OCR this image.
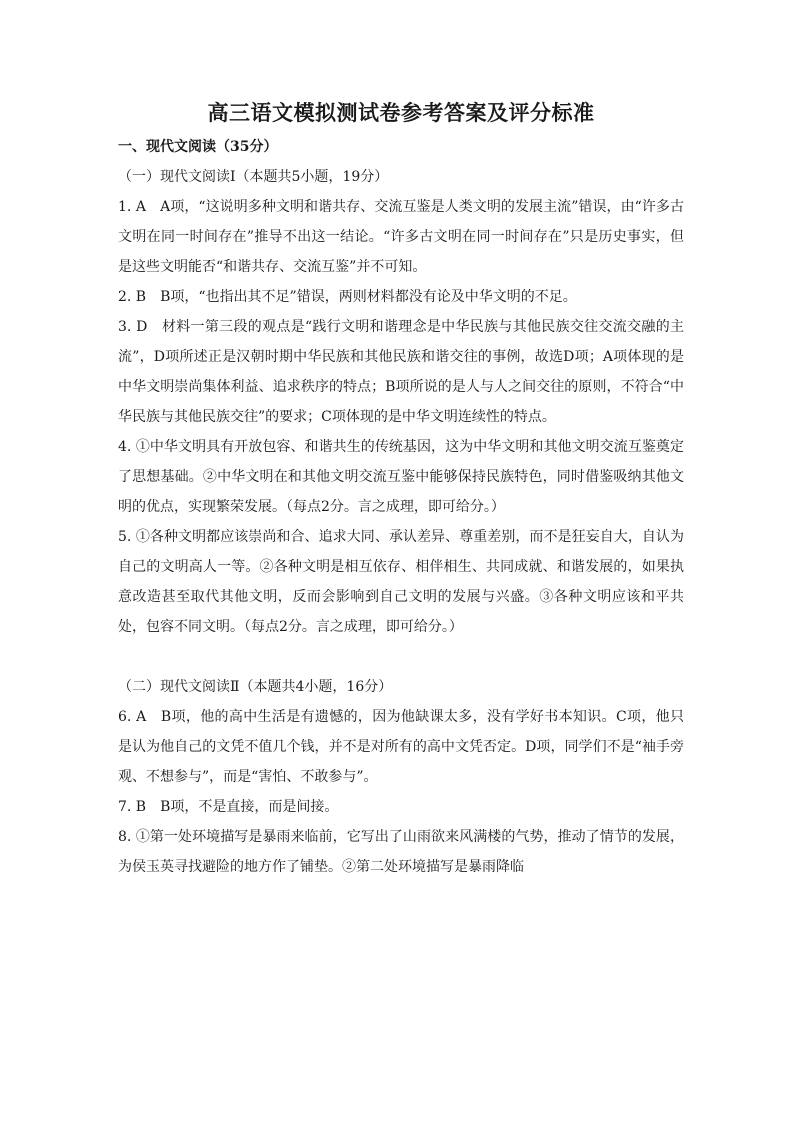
高三语文模拟测试卷参考答案及评分标准

一、现代文阅读（35分）

（一）现代文阅读Ⅰ（本题共5小题，19分）

1. A　A项，“这说明多种文明和谐共存、交流互鉴是人类文明的发展主流”错误，由“许多古文明在同一时间存在”推导不出这一结论。“许多古文明在同一时间存在”只是历史事实，但是这些文明能否“和谐共存、交流互鉴”并不可知。

2. B　B项，“也指出其不足”错误，两则材料都没有论及中华文明的不足。

3. D　材料一第三段的观点是“践行文明和谐理念是中华民族与其他民族交往交流交融的主流”，D项所述正是汉朝时期中华民族和其他民族和谐交往的事例，故选D项；A项体现的是中华文明崇尚集体利益、追求秩序的特点；B项所说的是人与人之间交往的原则，不符合“中华民族与其他民族交往”的要求；C项体现的是中华文明连续性的特点。

4. ①中华文明具有开放包容、和谐共生的传统基因，这为中华文明和其他文明交流互鉴奠定了思想基础。②中华文明在和其他文明交流互鉴中能够保持民族特色，同时借鉴吸纳其他文明的优点，实现繁荣发展。（每点2分。言之成理，即可给分。）

5. ①各种文明都应该崇尚和合、追求大同、承认差异、尊重差别，而不是狂妄自大，自认为自己的文明高人一等。②各种文明是相互依存、相伴相生、共同成就、和谐发展的，如果执意改造甚至取代其他文明，反而会影响到自己文明的发展与兴盛。③各种文明应该和平共处，包容不同文明。（每点2分。言之成理，即可给分。）

（二）现代文阅读Ⅱ（本题共4小题，16分）

6. A　B项，他的高中生活是有遗憾的，因为他缺课太多，没有学好书本知识。C项，他只是认为他自己的文凭不值几个钱，并不是对所有的高中文凭否定。D项，同学们不是“袖手旁观、不想参与”，而是“害怕、不敢参与”。

7. B　B项，不是直接，而是间接。

8. ①第一处环境描写是暴雨来临前，它写出了山雨欲来风满楼的气势，推动了情节的发展，为侯玉英寻找避险的地方作了铺垫。②第二处环境描写是暴雨降临
